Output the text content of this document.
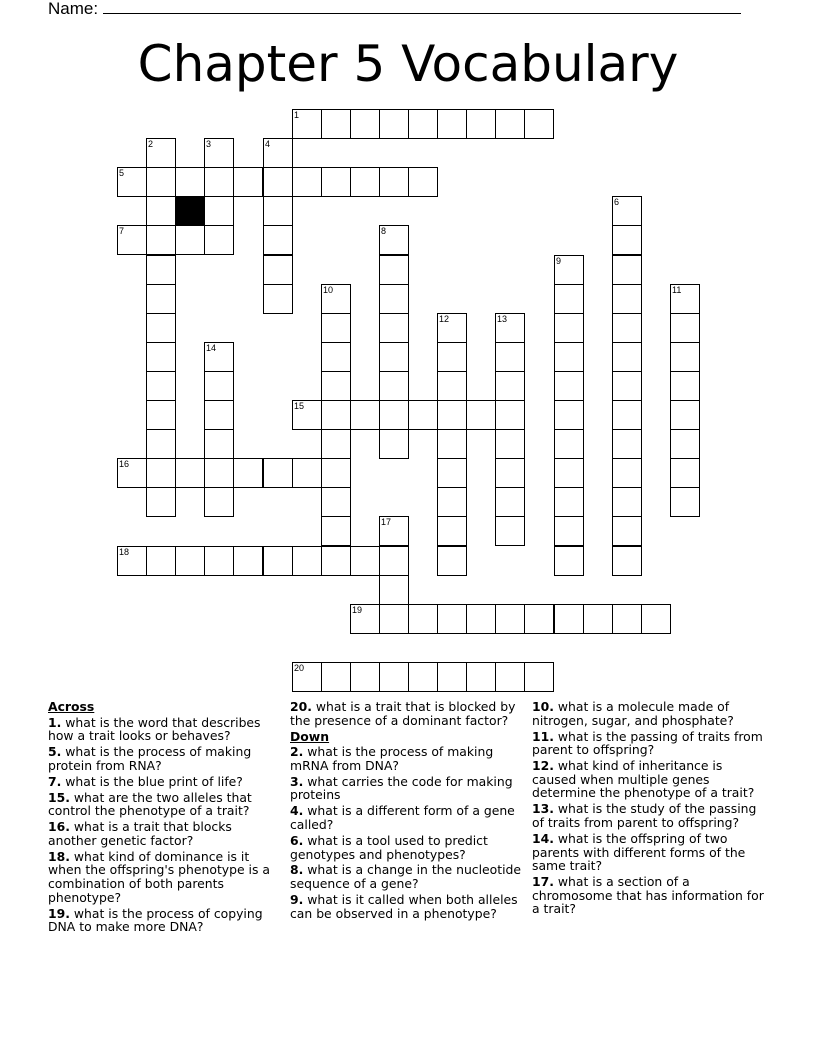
Name:
Chapter 5 Vocabulary
1
5
7
15
16
18
19
20
2	3	4
6
8
9
10	11
12	13
14
17
Across
1. what is the word that describes how a trait looks or behaves?
5. what is the process of making protein from RNA?
7. what is the blue print of life?
15. what are the two alleles that control the phenotype of a trait?
16. what is a trait that blocks another genetic factor?
18. what kind of dominance is it when the offspring's phenotype is a combination of both parents phenotype?
19. what is the process of copying DNA to make more DNA?
20. what is a trait that is blocked by the presence of a dominant factor?
Down
2. what is the process of making mRNA from DNA?
3. what carries the code for making proteins
4. what is a different form of a gene called?
6. what is a tool used to predict genotypes and phenotypes?
8. what is a change in the nucleotide sequence of a gene?
9. what is it called when both alleles can be observed in a phenotype?
10. what is a molecule made of nitrogen, sugar, and phosphate?
11. what is the passing of traits from parent to offspring?
12. what kind of inheritance is caused when multiple genes determine the phenotype of a trait?
13. what is the study of the passing of traits from parent to offspring?
14. what is the offspring of two parents with different forms of the same trait?
17. what is a section of a chromosome that has information for a trait?
